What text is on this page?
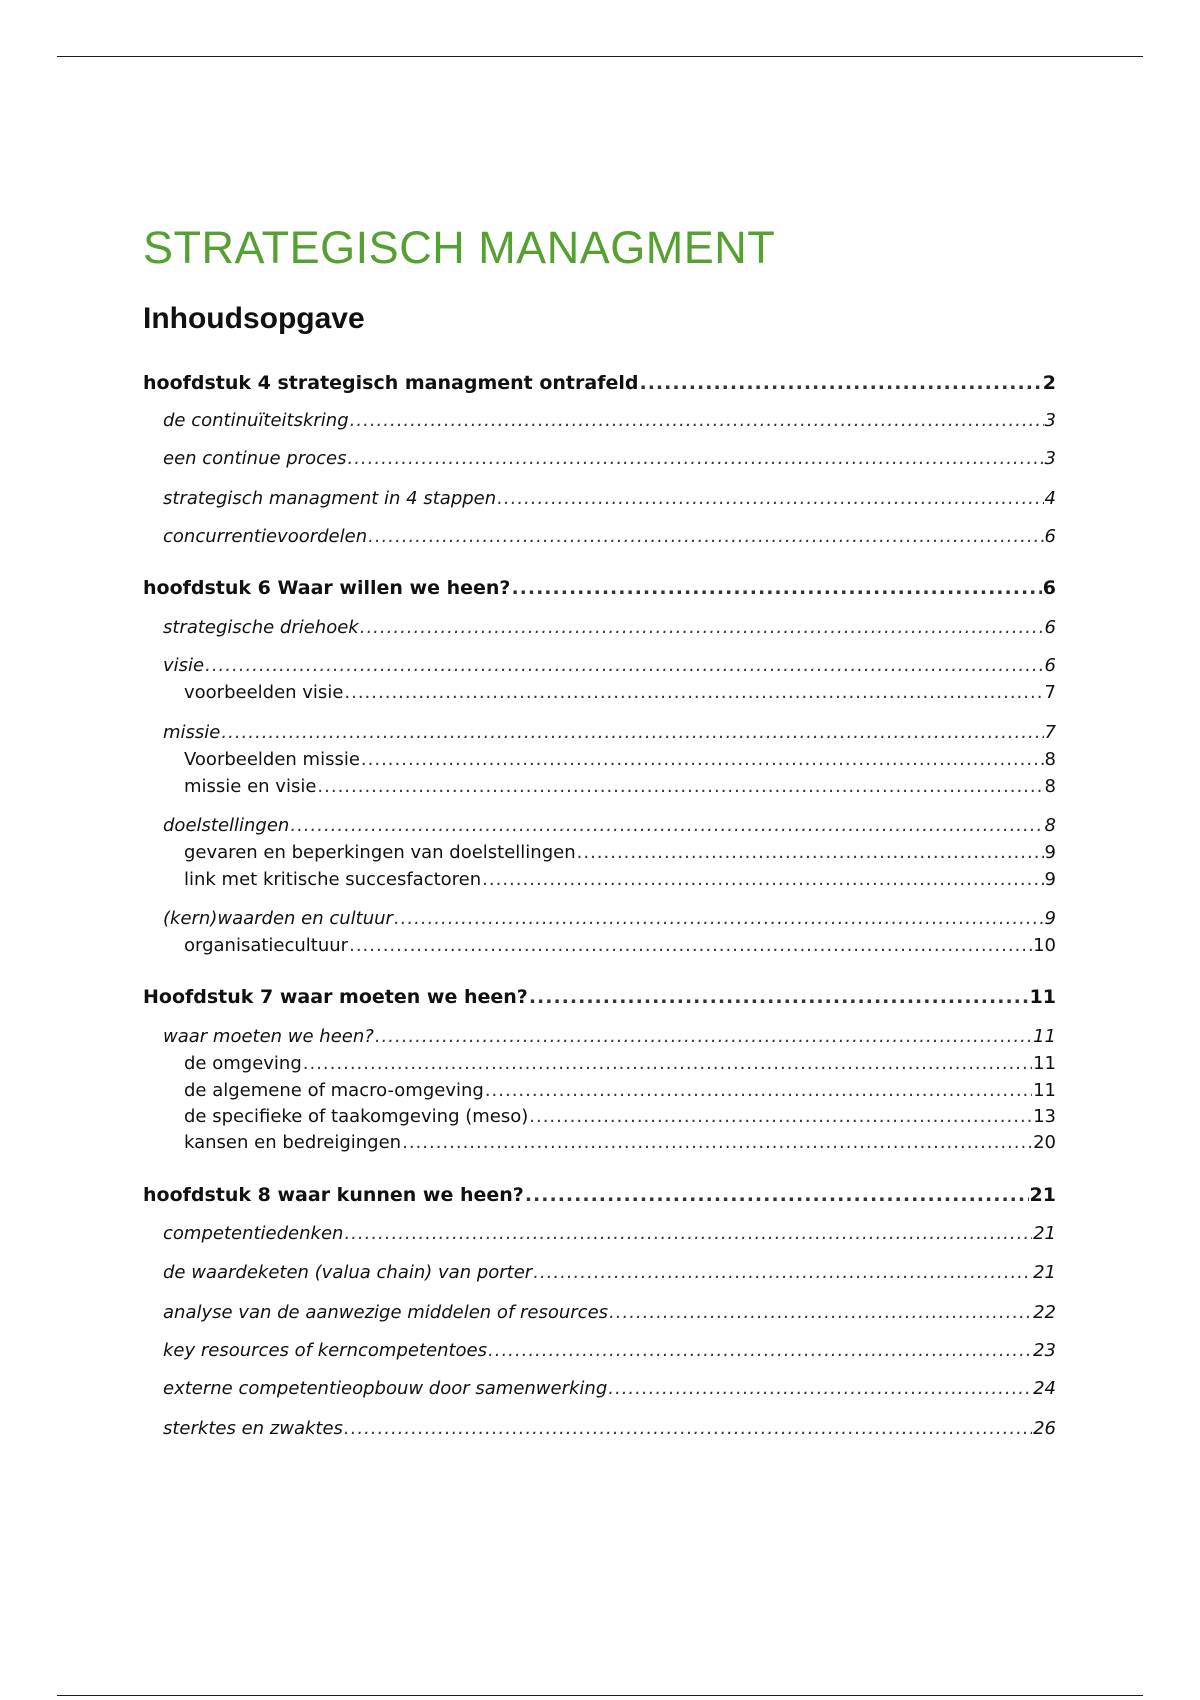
STRATEGISCH MANAGMENT
Inhoudsopgave
hoofdstuk 4 strategisch managment ontrafeld .....	2
de continuïteitskring .....	3
een continue proces .....	3
strategisch managment in 4 stappen .....	4
concurrentievoordelen .....	6
hoofdstuk 6 Waar willen we heen? .....	6
strategische driehoek .....	6
visie .....	6
voorbeelden visie .....	7
missie .....	7
Voorbeelden missie .....	8
missie en visie .....	8
doelstellingen .....	8
gevaren en beperkingen van doelstellingen .....	9
link met kritische succesfactoren .....	9
(kern)waarden en cultuur .....	9
organisatiecultuur .....	10
Hoofdstuk 7 waar moeten we heen? .....	11
waar moeten we heen? .....	11
de omgeving .....	11
de algemene of macro-omgeving .....	11
de specifieke of taakomgeving (meso) .....	13
kansen en bedreigingen .....	20
hoofdstuk 8 waar kunnen we heen? .....	21
competentiedenken .....	21
de waardeketen (valua chain) van porter .....	21
analyse van de aanwezige middelen of resources .....	22
key resources of kerncompetentoes .....	23
externe competentieopbouw door samenwerking .....	24
sterktes en zwaktes .....	26
